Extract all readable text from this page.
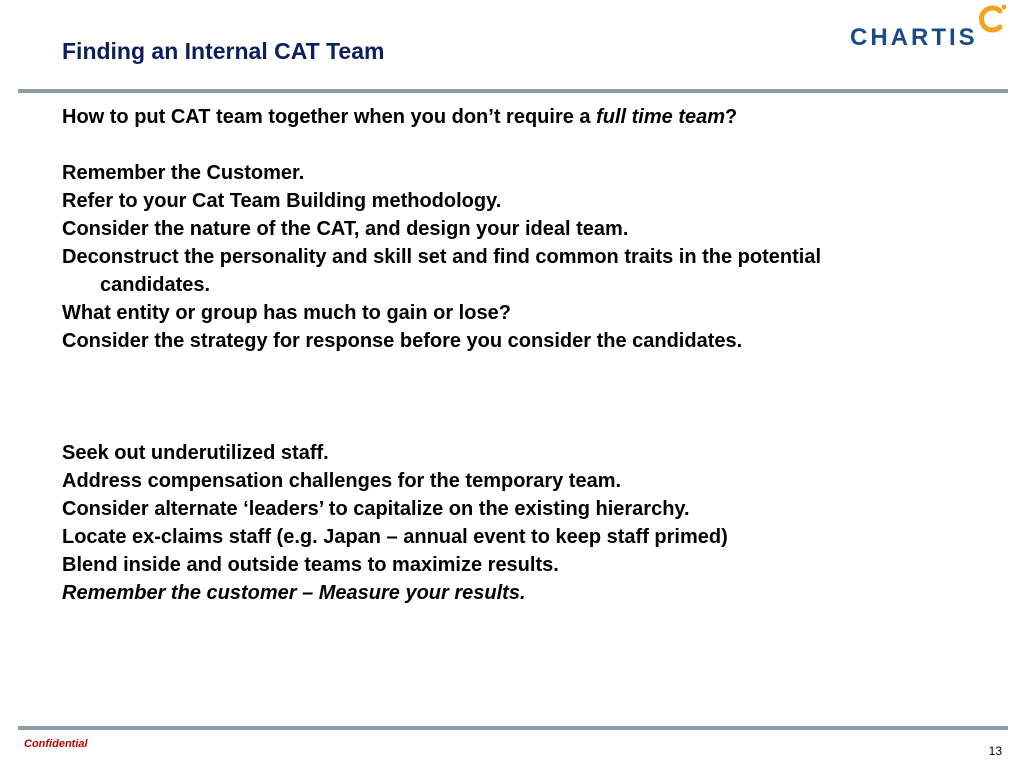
Finding an Internal CAT Team	CHARTIS
How to put CAT team together when you don’t require a full time team?
Remember the Customer.
Refer to your Cat Team Building methodology.
Consider the nature of the CAT, and design your ideal team.
Deconstruct the personality and skill set and find common traits in the potential
candidates.
What entity or group has much to gain or lose?
Consider the strategy for response before you consider the candidates.
Seek out underutilized staff.
Address compensation challenges for the temporary team.
Consider alternate ‘leaders’ to capitalize on the existing hierarchy.
Locate ex-claims staff (e.g. Japan – annual event to keep staff primed)
Blend inside and outside teams to maximize results.
Remember the customer – Measure your results.
Confidential	13
